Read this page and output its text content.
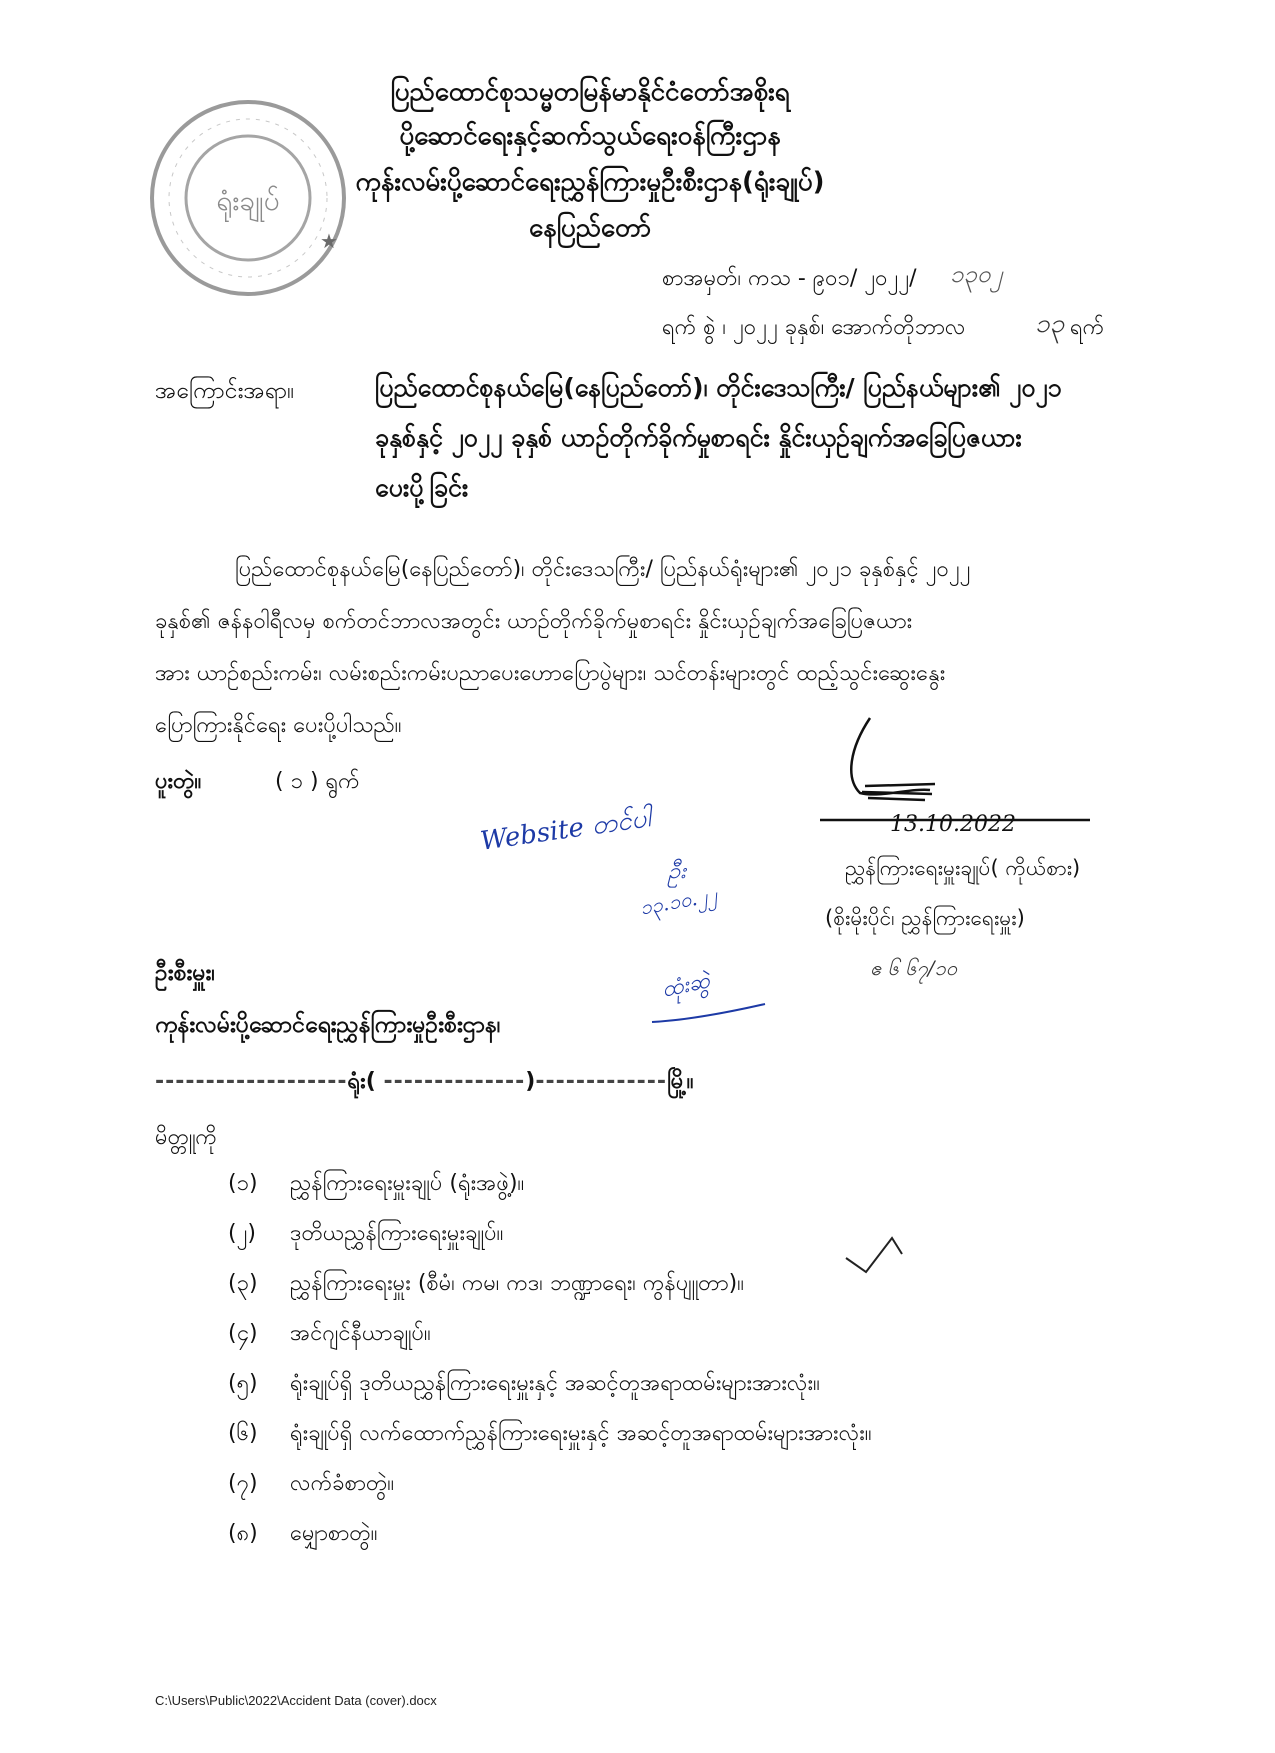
ရုံးချုပ်
★
ပြည်ထောင်စုသမ္မတမြန်မာနိုင်ငံတော်အစိုးရ
ပို့ဆောင်ရေးနှင့်ဆက်သွယ်ရေးဝန်ကြီးဌာန
ကုန်းလမ်းပို့ဆောင်ရေးညွှန်ကြားမှုဦးစီးဌာန(ရုံးချုပ်)
နေပြည်တော်
စာအမှတ်၊ ကသ - ၉၀၁/ ၂၀၂၂/ ၁၃၀၂
ရက် စွဲ ၊ ၂၀၂၂ ခုနှစ်၊ အောက်တိုဘာလ	၁၃ ရက်
အကြောင်းအရာ။	ပြည်ထောင်စုနယ်မြေ(နေပြည်တော်)၊ တိုင်းဒေသကြီး/ ပြည်နယ်များ၏ ၂၀၂၁
ခုနှစ်နှင့် ၂၀၂၂ ခုနှစ် ယာဉ်တိုက်ခိုက်မှုစာရင်း နှိုင်းယှဉ်ချက်အခြေပြဇယား
ပေးပို့ခြင်း
ပြည်ထောင်စုနယ်မြေ(နေပြည်တော်)၊ တိုင်းဒေသကြီး/ ပြည်နယ်ရုံးများ၏ ၂၀၂၁ ခုနှစ်နှင့် ၂၀၂၂
ခုနှစ်၏ ဇန်နဝါရီလမှ စက်တင်ဘာလအတွင်း ယာဉ်တိုက်ခိုက်မှုစာရင်း နှိုင်းယှဉ်ချက်အခြေပြဇယား
အား ယာဉ်စည်းကမ်း၊ လမ်းစည်းကမ်းပညာပေးဟောပြောပွဲများ၊ သင်တန်းများတွင် ထည့်သွင်းဆွေးနွေး
ပြောကြားနိုင်ရေး ပေးပို့ပါသည်။
ပူးတွဲ။	( ၁ ) ရွက်
13.10.2022
Website တင်ပါ
ဦး
၁၃.၁၀.၂၂
ထုံးဆွဲ
ညွှန်ကြားရေးမှူးချုပ်( ကိုယ်စား)
(စိုးမိုးပိုင်၊ ညွှန်ကြားရေးမှူး)
ဧ ၆ ၆၇/၁၀
ဦးစီးမှူး၊
ကုန်းလမ်းပို့ဆောင်ရေးညွှန်ကြားမှုဦးစီးဌာန၊
-------------------ရုံး( --------------)-------------မြို့။
မိတ္တူကို
(၁) ညွှန်ကြားရေးမှူးချုပ် (ရုံးအဖွဲ့)။
(၂) ဒုတိယညွှန်ကြားရေးမှူးချုပ်။
(၃) ညွှန်ကြားရေးမှူး (စီမံ၊ ကမ၊ ကဒ၊ ဘဏ္ဍာရေး၊ ကွန်ပျူတာ)။
(၄) အင်ဂျင်နီယာချုပ်။
(၅) ရုံးချုပ်ရှိ ဒုတိယညွှန်ကြားရေးမှူးနှင့် အဆင့်တူအရာထမ်းများအားလုံး။
(၆) ရုံးချုပ်ရှိ လက်ထောက်ညွှန်ကြားရေးမှူးနှင့် အဆင့်တူအရာထမ်းများအားလုံး။
(၇) လက်ခံစာတွဲ။
(၈) မျှောစာတွဲ။
C:\Users\Public\2022\Accident Data (cover).docx
